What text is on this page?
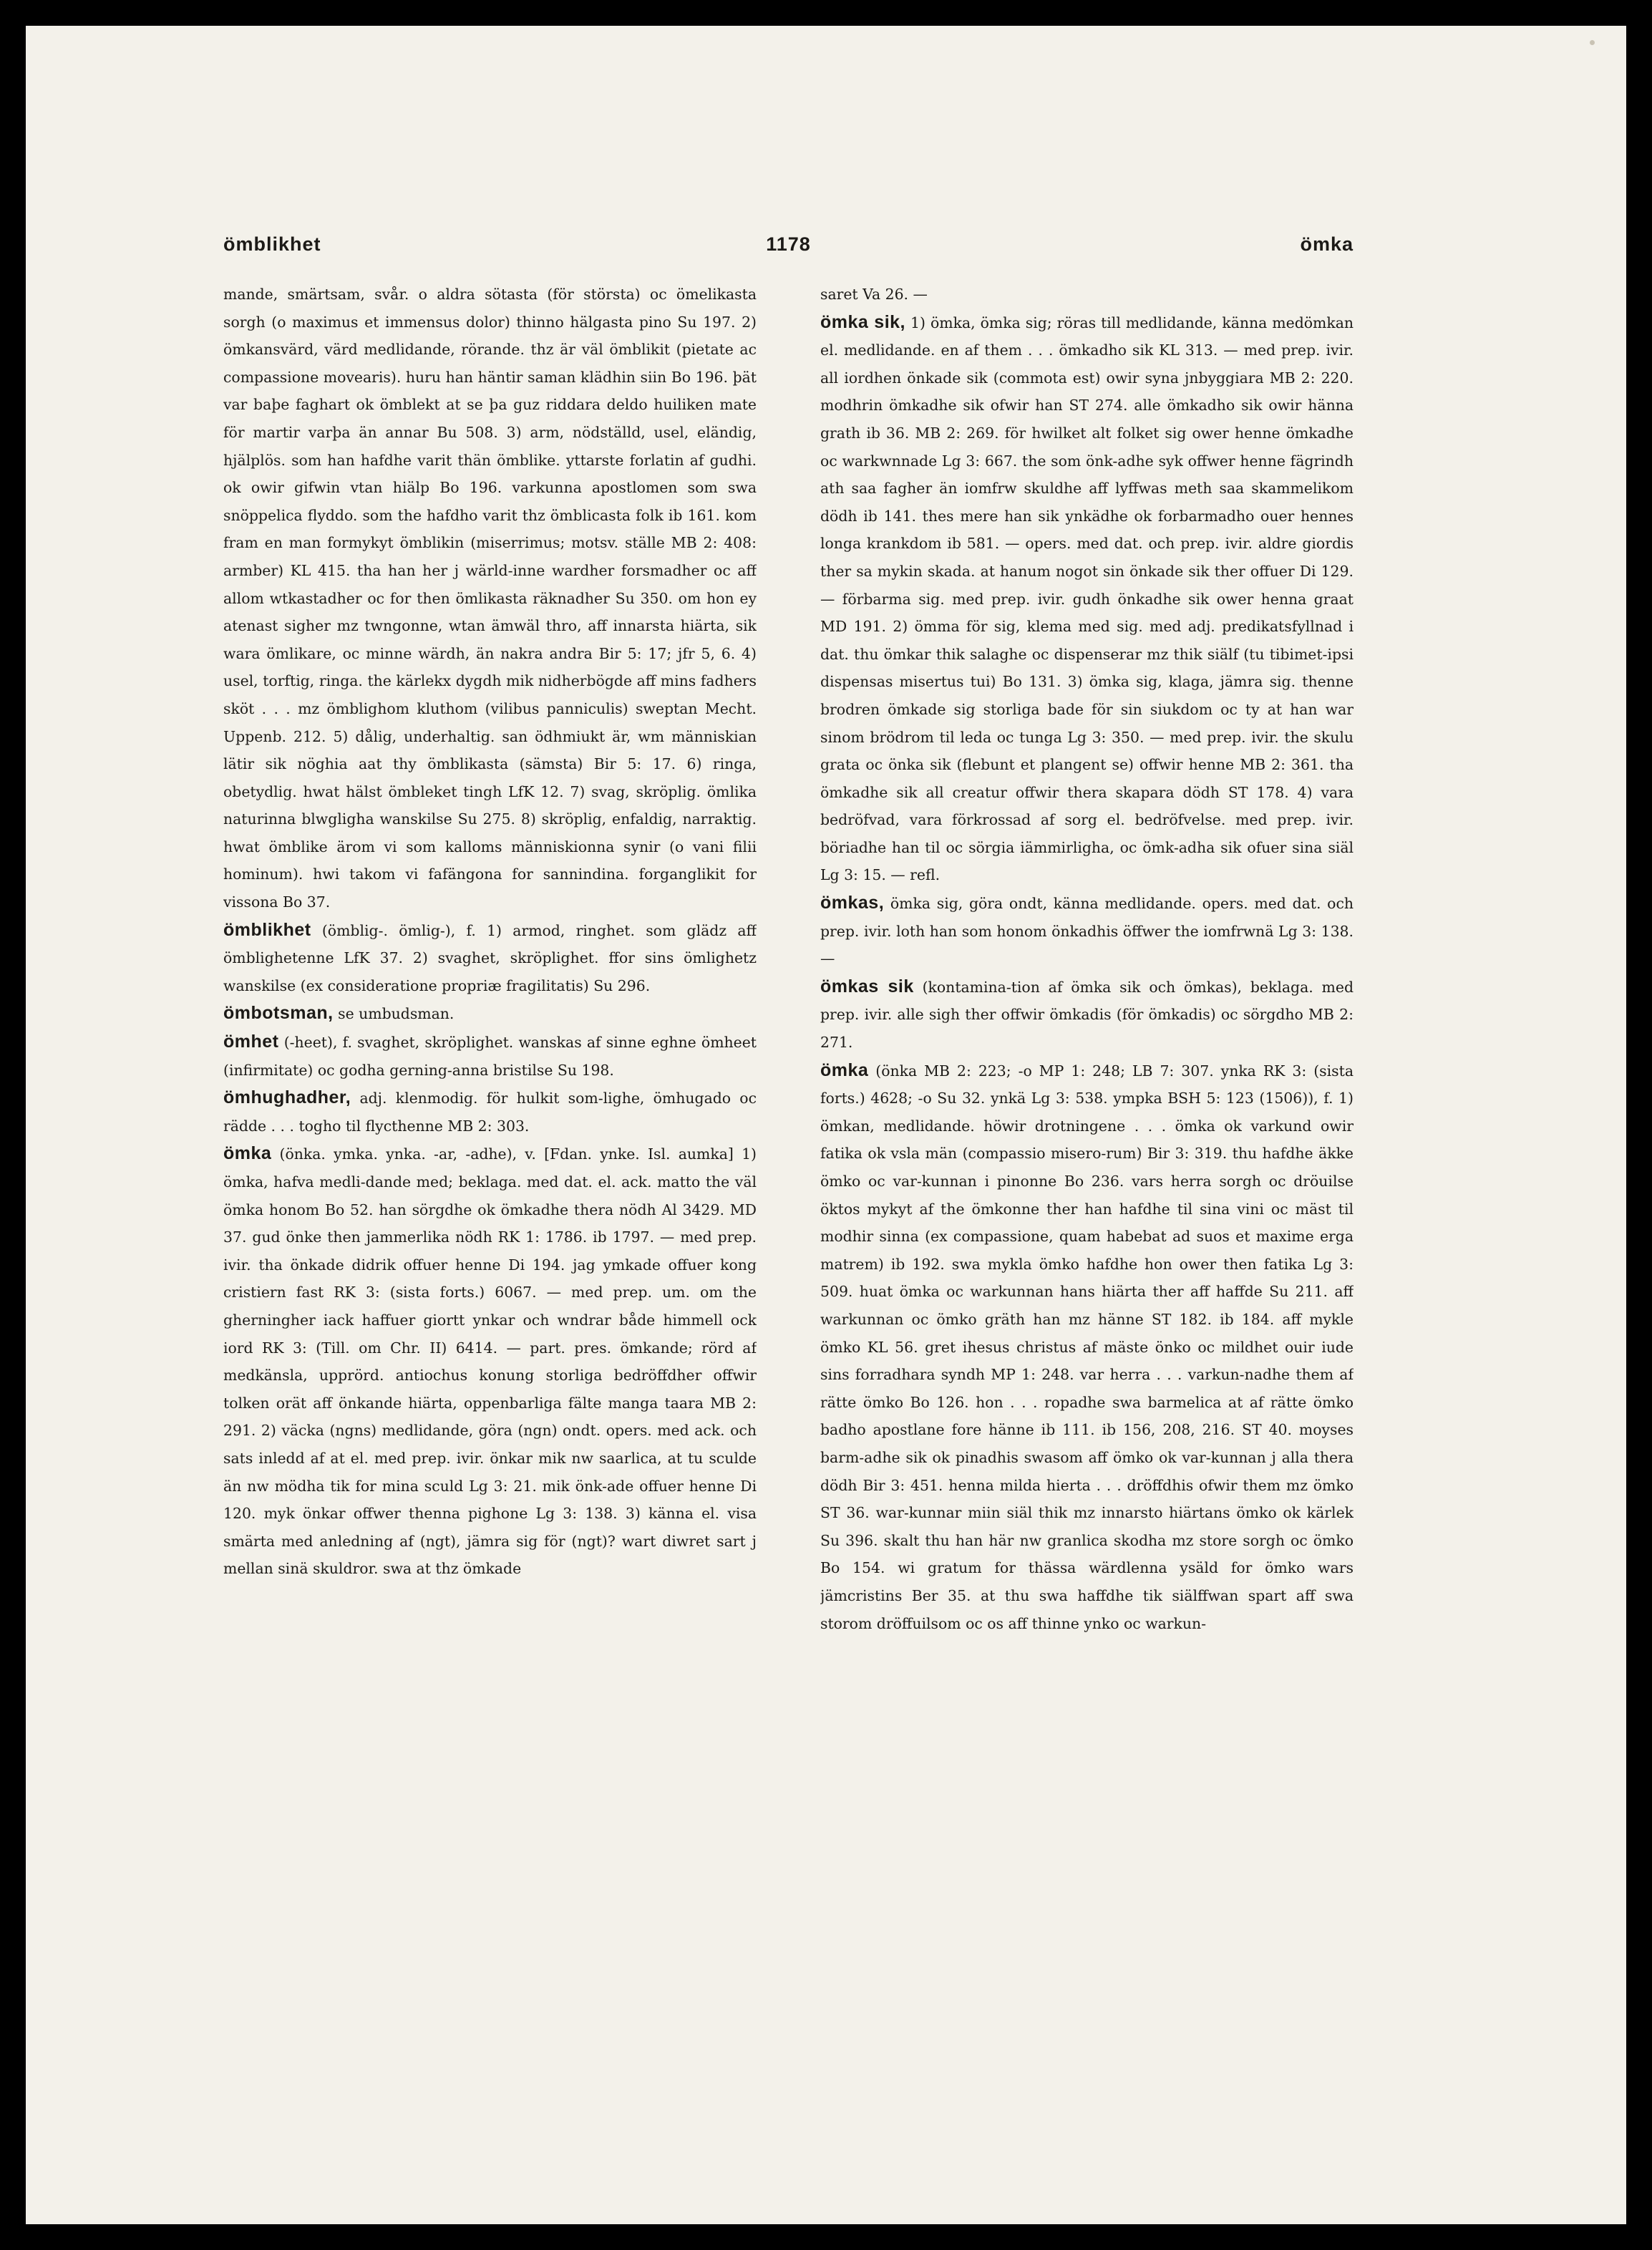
ömblikhet	1178	ömka

mande, smärtsam, svår. o aldra sötasta (för största) oc ömelikasta sorgh (o maximus et immensus dolor) thinno hälgasta pino Su 197. 2) ömkansvärd, värd medlidande, rörande. thz är väl ömblikit (pietate ac compassione movearis). huru han häntir saman klädhin siin Bo 196. þät var baþe faghart ok ömblekt at se þa guz riddara deldo huiliken mate för martir varþa än annar Bu 508. 3) arm, nödställd, usel, eländig, hjälplös. som han hafdhe varit thän ömblike. yttarste forlatin af gudhi. ok owir gifwin vtan hiälp Bo 196. varkunna apostlomen som swa snöppelica flyddo. som the hafdho varit thz ömblicasta folk ib 161. kom fram en man formykyt ömblikin (miserrimus; motsv. ställe MB 2: 408: armber) KL 415. tha han her j wärld-inne wardher forsmadher oc aff allom wtkastadher oc for then ömlikasta räknadher Su 350. om hon ey atenast sigher mz twngonne, wtan ämwäl thro, aff innarsta hiärta, sik wara ömlikare, oc minne wärdh, än nakra andra Bir 5: 17; jfr 5, 6. 4) usel, torftig, ringa. the kärlekx dygdh mik nidherbögde aff mins fadhers sköt . . . mz ömblighom kluthom (vilibus panniculis) sweptan Mecht. Uppenb. 212. 5) dålig, underhaltig. san ödhmiukt är, wm människian lätir sik nöghia aat thy ömblikasta (sämsta) Bir 5: 17. 6) ringa, obetydlig. hwat hälst ömbleket tingh LfK 12. 7) svag, skröplig. ömlika naturinna blwglighа wanskilse Su 275. 8) skröplig, enfaldig, narraktig. hwat ömblike ärom vi som kalloms människionna synir (o vani filii hominum). hwi takom vi fafängona for sannindina. forganglikit for vissona Bo 37.

ömblikhet (ömblig-. ömlig-), f. 1) armod, ringhet. som glädz aff ömblighetenne LfK 37. 2) svaghet, skröplighet. ffor sins ömlighetz wanskilse (ex consideratione propriæ fragilitatis) Su 296.

ömbotsman, se umbudsman.

ömhet (-heet), f. svaghet, skröplighet. wanskas af sinne eghne ömheet (infirmitate) oc godha gerning-anna bristilse Su 198.

ömhughadher, adj. klenmodig. för hulkit som-lighe, ömhugado oc rädde . . . togho til flycthenne MB 2: 303.

ömka (önka. ymka. ynka. -ar, -adhe), v. [Fdan. ynke. Isl. aumka] 1) ömka, hafva medli-dande med; beklaga. med dat. el. ack. matto the väl ömka honom Bo 52. han sörgdhe ok ömkadhe thera nödh Al 3429. MD 37. gud önke then jammerlika nödh RK 1: 1786. ib 1797. — med prep. ivir. tha önkade didrik offuer henne Di 194. jag ymkade offuer kong cristiern fast RK 3: (sista forts.) 6067. — med prep. um. om the gherningher iack haffuer giortt ynkar och wndrar både himmell ock iord RK 3: (Till. om Chr. II) 6414. — part. pres. ömkande; rörd af medkänsla, upprörd. antiochus konung storliga bedröffdher offwir tolken orät aff önkande hiärta, oppenbarliga fälte manga taara MB 2: 291. 2) väcka (ngns) medlidande, göra (ngn) ondt. opers. med ack. och sats inledd af at el. med prep. ivir. önkar mik nw saarlica, at tu sculde än nw mödha tik for mina sculd Lg 3: 21. mik önk-ade offuer henne Di 120. myk önkar offwer thenna pighone Lg 3: 138. 3) känna el. visa smärta med anledning af (ngt), jämra sig för (ngt)? wart diwret sart j mellan sinä skuldror. swa at thz ömkade

saret Va 26. —

ömka sik, 1) ömka, ömka sig; röras till medlidande, känna medömkan el. medlidande. en af them . . . ömkadho sik KL 313. — med prep. ivir. all iordhen önkade sik (commota est) owir syna jnbyggiara MB 2: 220. modhrin ömkadhe sik ofwir han ST 274. alle ömkadho sik owir hänna grath ib 36. MB 2: 269. för hwilket alt folket sig ower henne ömkadhe oc warkwnnade Lg 3: 667. the som önk-adhe syk offwer henne fägrindh ath saa fagher än iomfrw skuldhe aff lyffwas meth saa skammelikom dödh ib 141. thes mere han sik ynkädhe ok forbarmadho ouer hennes longa krankdom ib 581. — opers. med dat. och prep. ivir. aldre giordis ther sa mykin skada. at hanum nogot sin önkade sik ther offuer Di 129. — förbarma sig. med prep. ivir. gudh önkadhe sik ower henna graat MD 191. 2) ömma för sig, klema med sig. med adj. predikatsfyllnad i dat. thu ömkar thik salaghe oc dispenserar mz thik siälf (tu tibimet-ipsi dispensas misertus tui) Bo 131. 3) ömka sig, klaga, jämra sig. thenne brodren ömkade sig storliga bade för sin siukdom oc ty at han war sinom brödrom til leda oc tunga Lg 3: 350. — med prep. ivir. the skulu grata oc önka sik (flebunt et plangent se) offwir henne MB 2: 361. tha ömkadhe sik all creatur offwir thera skapara dödh ST 178. 4) vara bedröfvad, vara förkrossad af sorg el. bedröfvelse. med prep. ivir. böriadhe han til oc sörgia iämmirligha, oc ömk-adha sik ofuer sina siäl Lg 3: 15. — refl.

ömkas, ömka sig, göra ondt, känna medlidande. opers. med dat. och prep. ivir. loth han som honom önkadhis öffwer the iomfrwnä Lg 3: 138. —

ömkas sik (kontamina-tion af ömka sik och ömkas), beklaga. med prep. ivir. alle sigh ther offwir ömkadis (för ömkadis) oc sörgdho MB 2: 271.

ömka (önka MB 2: 223; -o MP 1: 248; LB 7: 307. ynka RK 3: (sista forts.) 4628; -o Su 32. ynkä Lg 3: 538. ympka BSH 5: 123 (1506)), f. 1) ömkan, medlidande. höwir drotningene . . . ömka ok varkund owir fatika ok vsla män (compassio misero-rum) Bir 3: 319. thu hafdhe äkke ömko oc var-kunnan i pinonne Bo 236. vars herra sorgh oc dröuilse öktos mykyt af the ömkonne ther han hafdhe til sina vini oc mäst til modhir sinna (ex compassione, quam habebat ad suos et maxime erga matrem) ib 192. swa mykla ömko hafdhe hon ower then fatika Lg 3: 509. huat ömka oc warkunnan hans hiärta ther aff haffde Su 211. aff warkunnan oc ömko gräth han mz hänne ST 182. ib 184. aff mykle ömko KL 56. gret ihesus christus af mäste önko oc mildhet ouir iude sins forradhara syndh MP 1: 248. var herra . . . varkun-nadhe them af rätte ömko Bo 126. hon . . . ropadhe swa barmelica at af rätte ömko badho apostlane fore hänne ib 111. ib 156, 208, 216. ST 40. moyses barm-adhe sik ok pinadhis swasom aff ömko ok var-kunnan j alla thera dödh Bir 3: 451. henna milda hierta . . . dröffdhis ofwir them mz ömko ST 36. war-kunnar miin siäl thik mz innarsto hiärtans ömko ok kärlek Su 396. skalt thu han här nw granlica skodha mz store sorgh oc ömko Bo 154. wi gratum for thässa wärdlenna ysäld for ömko wars jämcristins Ber 35. at thu swa haffdhe tik siälffwan spart aff swa storom dröffuilsom oc os aff thinne ynko oc warkun-
